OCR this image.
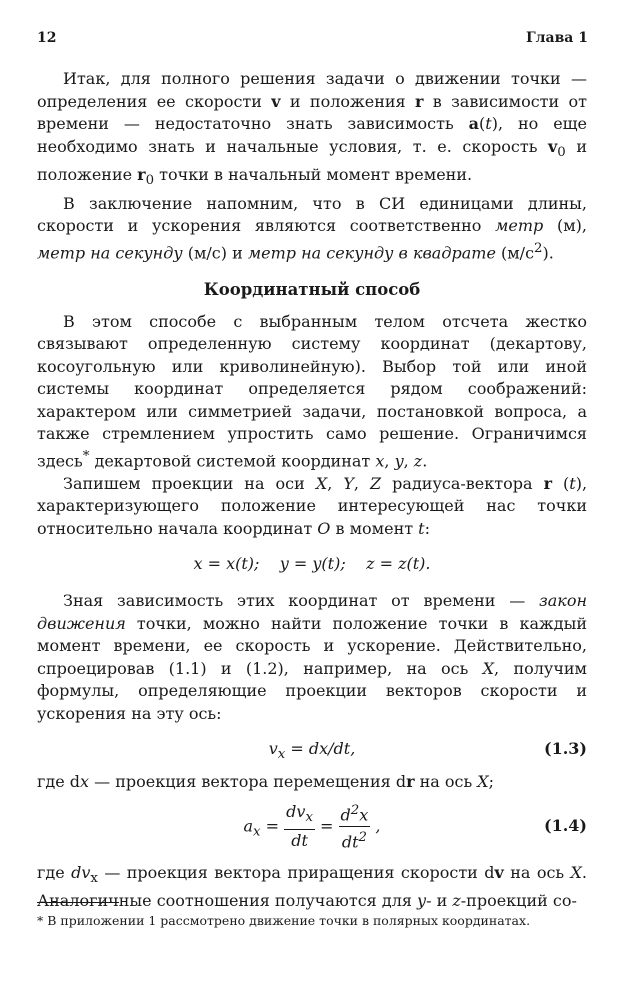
12	Глава 1

Итак, для полного решения задачи о движении точки — определения ее скорости v и положения r в зависимости от времени — недостаточно знать зависимость a(t), но еще необходимо знать и начальные условия, т. е. скорость $v_0$ и положение $r_0$ точки в начальный момент времени.

В заключение напомним, что в СИ единицами длины, скорости и ускорения являются соответственно метр (м), метр на секунду (м/с) и метр на секунду в квадрате $(м/с^2)$.

Координатный способ

В этом способе с выбранным телом отсчета жестко связывают определенную систему координат (декартову, косоугольную или криволинейную). Выбор той или иной системы координат определяется рядом соображений: характером или симметрией задачи, постановкой вопроса, а также стремлением упростить само решение. Ограничимся здесь* декартовой системой координат x, y, z.

Запишем проекции на оси X, Y, Z радиуса-вектора r (t), характеризующего положение интересующей нас точки относительно начала координат O в момент t:

x = x(t);    y = y(t);    z = z(t).

Зная зависимость этих координат от времени — закон движения точки, можно найти положение точки в каждый момент времени, ее скорость и ускорение. Действительно, спроецировав (1.1) и (1.2), например, на ось X, получим формулы, определяющие проекции векторов скорости и ускорения на эту ось:

$v_x = dx/dt$,	(1.3)

где dx — проекция вектора перемещения dr на ось X;

$a_x = \frac{dv_x}{dt} = \frac{d^2x}{dt^2}$ ,	(1.4)

где $dv_x$ — проекция вектора приращения скорости dv на ось X. Аналогичные соотношения получаются для y- и z-проекций со-

* В приложении 1 рассмотрено движение точки в полярных координатах.
